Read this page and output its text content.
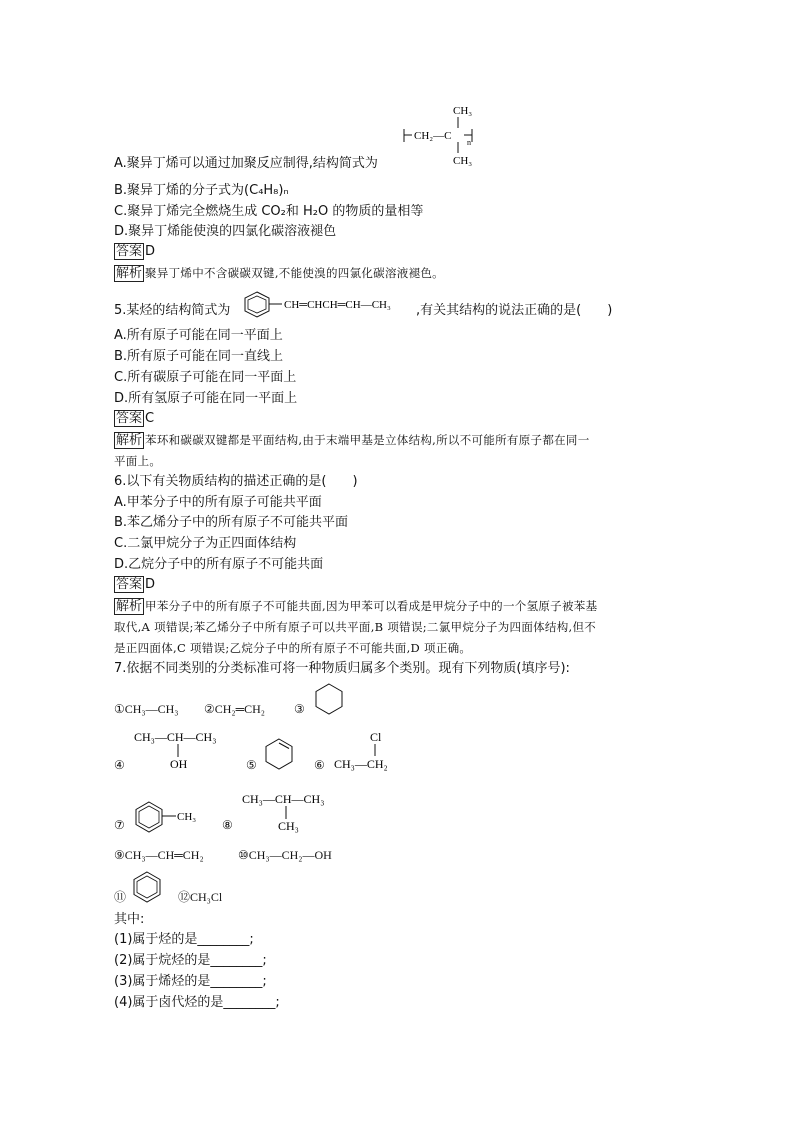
CH₃
CH₂—C
n
CH₃
A.聚异丁烯可以通过加聚反应制得,结构简式为
B.聚异丁烯的分子式为(C₄H₈)ₙ
C.聚异丁烯完全燃烧生成 CO₂和 H₂O 的物质的量相等
D.聚异丁烯能使溴的四氯化碳溶液褪色
答案 D
解析 聚异丁烯中不含碳碳双键,不能使溴的四氯化碳溶液褪色。
5.某烃的结构简式为	CH═CHCH═CH—CH₃ ,有关其结构的说法正确的是(　　)
A.所有原子可能在同一平面上
B.所有原子可能在同一直线上
C.所有碳原子可能在同一平面上
D.所有氢原子可能在同一平面上
答案 C
解析 苯环和碳碳双键都是平面结构,由于末端甲基是立体结构,所以不可能所有原子都在同一
平面上。
6.以下有关物质结构的描述正确的是(　　)
A.甲苯分子中的所有原子可能共平面
B.苯乙烯分子中的所有原子不可能共平面
C.二氯甲烷分子为正四面体结构
D.乙烷分子中的所有原子不可能共面
答案 D
解析 甲苯分子中的所有原子不可能共面,因为甲苯可以看成是甲烷分子中的一个氢原子被苯基
取代,A 项错误;苯乙烯分子中所有原子可以共平面,B 项错误;二氯甲烷分子为四面体结构,但不
是正四面体,C 项错误;乙烷分子中的所有原子不可能共面,D 项正确。
7.依据不同类别的分类标准可将一种物质归属多个类别。现有下列物质(填序号):
①CH₃—CH₃ ②CH₂═CH₂ ③
④
CH₃—CH—CH₃
OH	⑤	⑥
Cl
CH₃—CH₂
⑦
CH₃
⑧
CH₃—CH—CH₃
CH₃
⑨CH₃—CH═CH₂	⑩CH₃—CH₂—OH
⑪	⑫CH₃Cl
其中:
(1)属于烃的是________;
(2)属于烷烃的是________;
(3)属于烯烃的是________;
(4)属于卤代烃的是________;
